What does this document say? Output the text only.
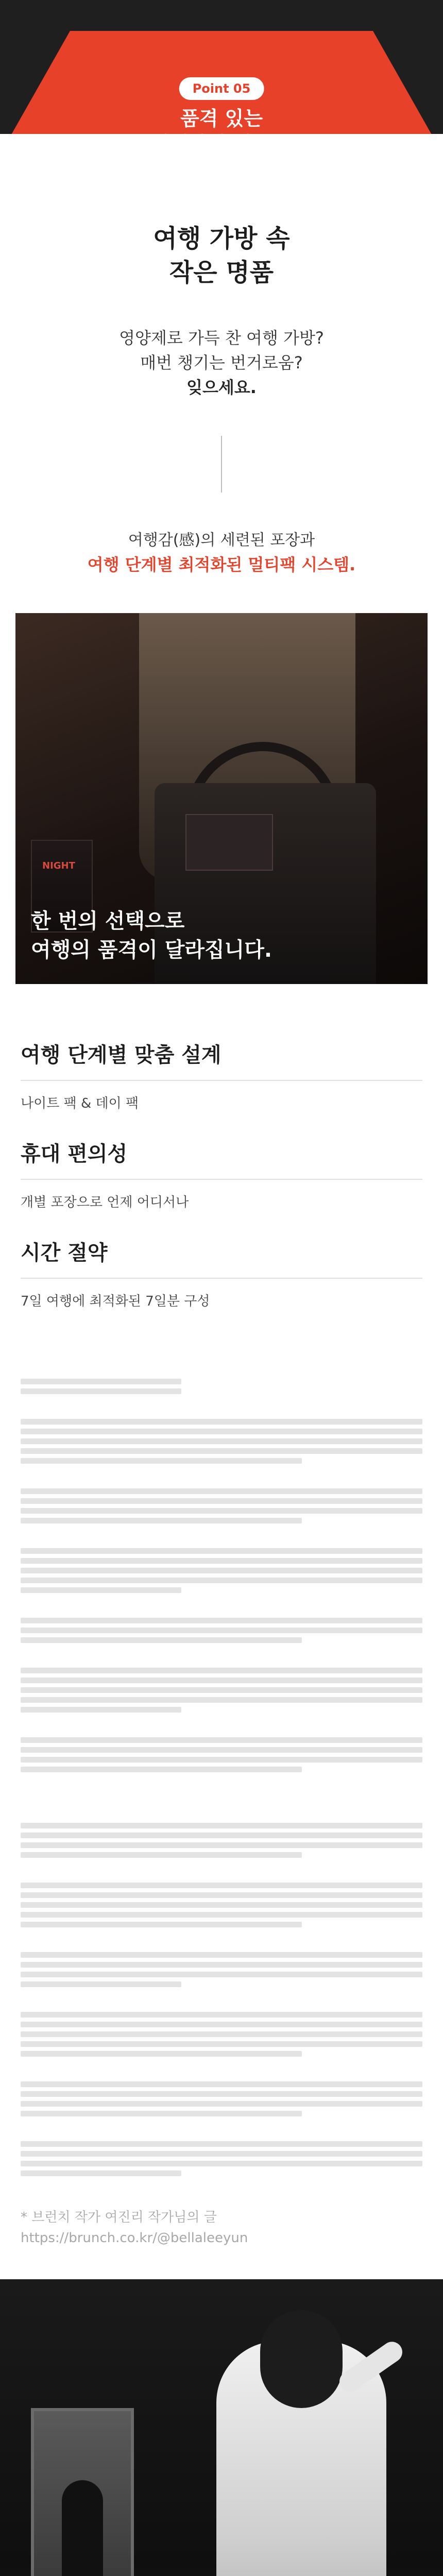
Point 05
품격 있는
여행 가방 속
작은 명품
영양제로 가득 찬 여행 가방?
매번 챙기는 번거로움?
잊으세요.
여행감(感)의 세련된 포장과
여행 단계별 최적화된 멀티팩 시스템.
NIGHT
한 번의 선택으로
여행의 품격이 달라집니다.
여행 단계별 맞춤 설계

나이트 팩 & 데이 팩

휴대 편의성

개별 포장으로 언제 어디서나

시간 절약

7일 여행에 최적화된 7일분 구성

* 브런치 작가 여진리 작가님의 글
https://brunch.co.kr/@bellaleeyun
